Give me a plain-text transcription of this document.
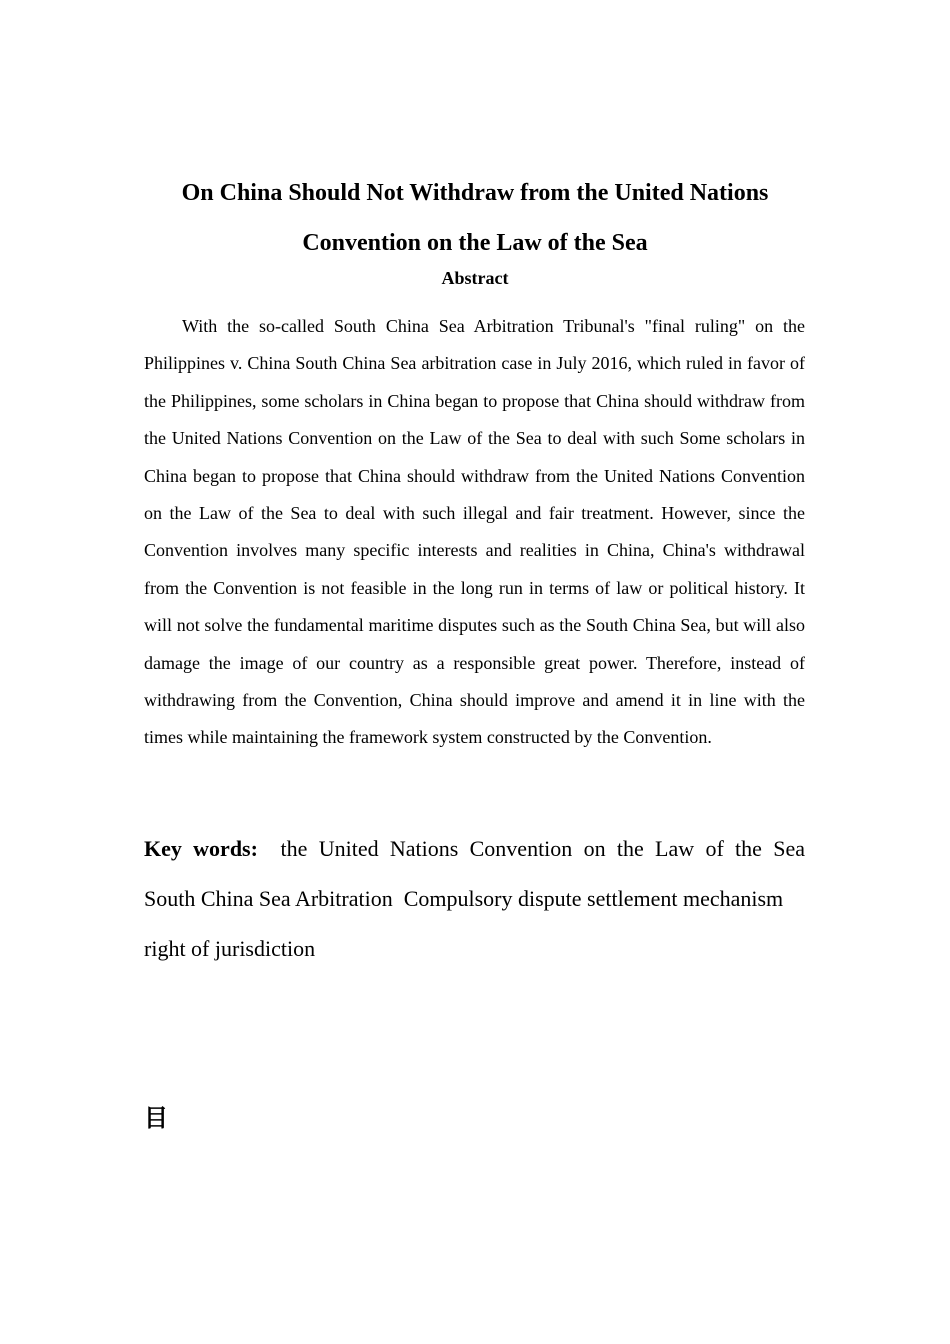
On China Should Not Withdraw from the United Nations
Convention on the Law of the Sea
Abstract

With the so-called South China Sea Arbitration Tribunal's "final ruling" on the Philippines v. China South China Sea arbitration case in July 2016, which ruled in favor of the Philippines, some scholars in China began to propose that China should withdraw from the United Nations Convention on the Law of the Sea to deal with such Some scholars in China began to propose that China should withdraw from the United Nations Convention on the Law of the Sea to deal with such illegal and fair treatment. However, since the Convention involves many specific interests and realities in China, China's withdrawal from the Convention is not feasible in the long run in terms of law or political history. It will not solve the fundamental maritime disputes such as the South China Sea, but will also damage the image of our country as a responsible great power. Therefore, instead of withdrawing from the Convention, China should improve and amend it in line with the times while maintaining the framework system constructed by the Convention.

Key words: the United Nations Convention on the Law of the Sea
South China Sea Arbitration Compulsory dispute settlement mechanism
right of jurisdiction
目
